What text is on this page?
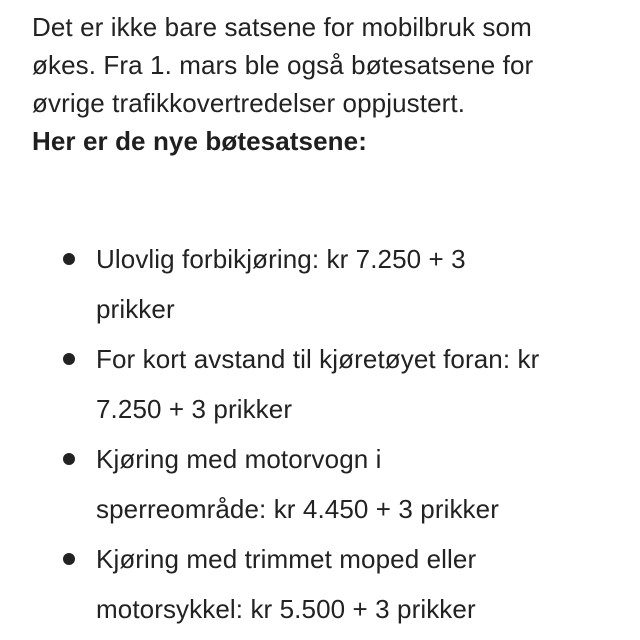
Det er ikke bare satsene for mobilbruk som
økes. Fra 1. mars ble også bøtesatsene for
øvrige trafikkovertredelser oppjustert.

Her er de nye bøtesatsene:
Ulovlig forbikjøring: kr 7.250 + 3
prikker
For kort avstand til kjøretøyet foran: kr
7.250 + 3 prikker
Kjøring med motorvogn i
sperreområde: kr 4.450 + 3 prikker
Kjøring med trimmet moped eller
motorsykkel: kr 5.500 + 3 prikker
